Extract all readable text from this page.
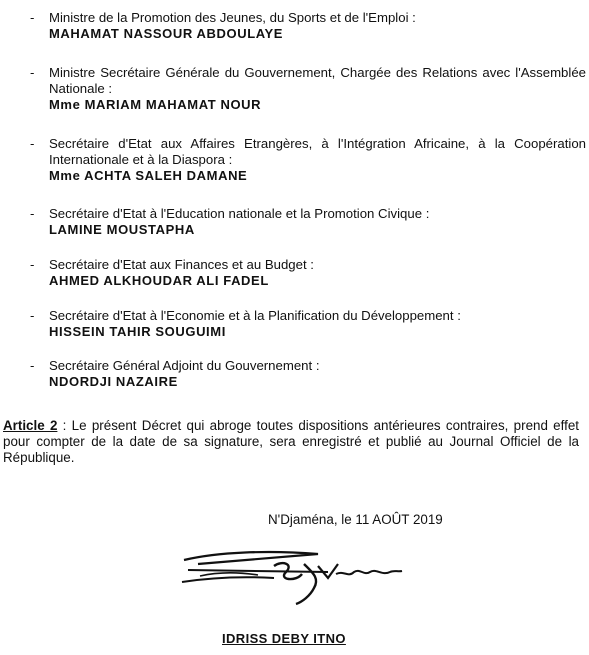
-	Ministre de la Promotion des Jeunes, du Sports et de l'Emploi :
MAHAMAT NASSOUR ABDOULAYE
-	Ministre Secrétaire Générale du Gouvernement, Chargée des Relations avec l'Assemblée Nationale :
Mme MARIAM MAHAMAT NOUR
-	Secrétaire d'Etat aux Affaires Etrangères, à l'Intégration Africaine, à la Coopération Internationale et à la Diaspora :
Mme ACHTA SALEH DAMANE
-	Secrétaire d'Etat à l'Education nationale et la Promotion Civique :
LAMINE MOUSTAPHA
-	Secrétaire d'Etat aux Finances et au Budget :
AHMED ALKHOUDAR ALI FADEL
-	Secrétaire d'Etat à l'Economie et à la Planification du Développement :
HISSEIN TAHIR SOUGUIMI
-	Secrétaire Général Adjoint du Gouvernement :
NDORDJI NAZAIRE
Article 2 : Le présent Décret qui abroge toutes dispositions antérieures contraires, prend effet pour compter de la date de sa signature, sera enregistré et publié au Journal Officiel de la République.
N'Djaména, le 11 AOÛT 2019
IDRISS DEBY ITNO
